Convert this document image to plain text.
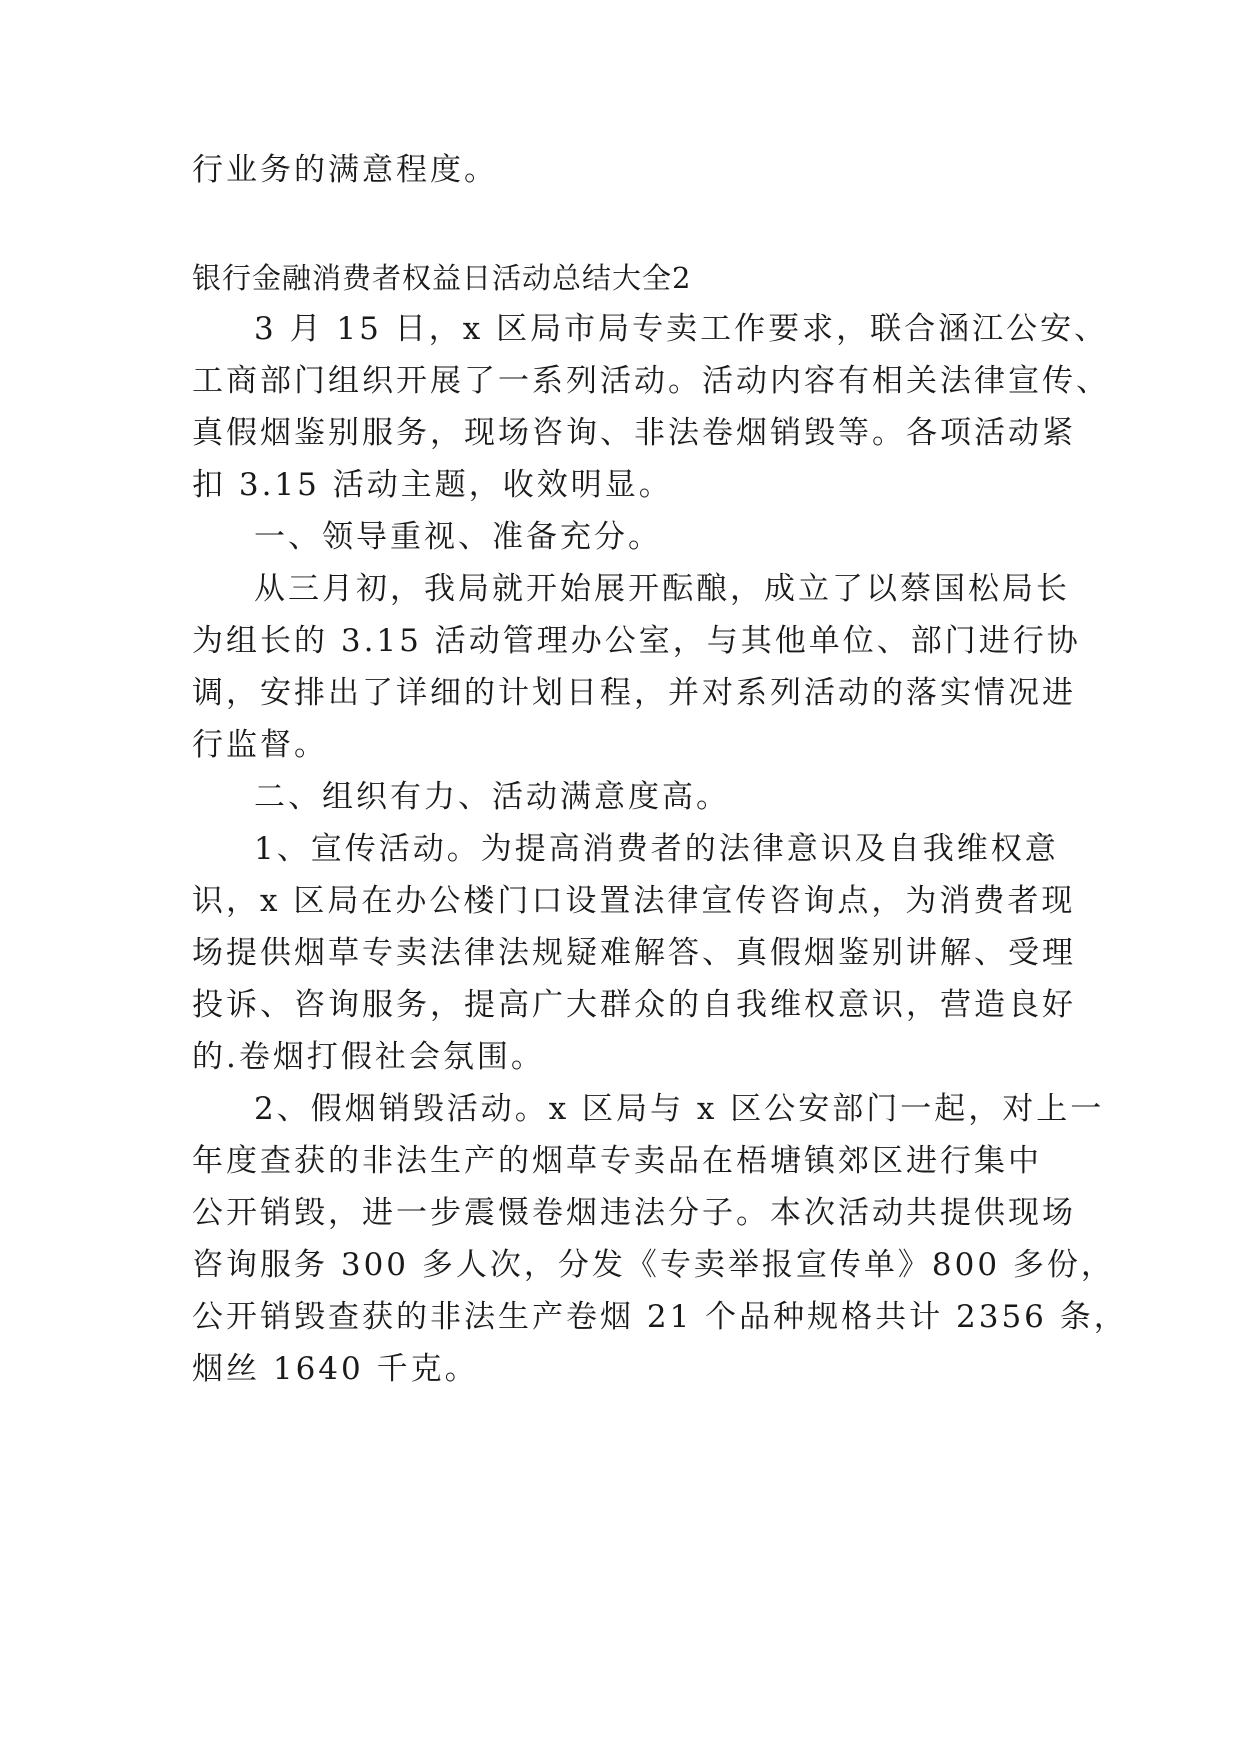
行业务的满意程度。

银行金融消费者权益日活动总结大全2

3 月 15 日，x 区局市局专卖工作要求，联合涵江公安、

工商部门组织开展了一系列活动。活动内容有相关法律宣传、

真假烟鉴别服务，现场咨询、非法卷烟销毁等。各项活动紧

扣 3.15 活动主题，收效明显。

一、领导重视、准备充分。

从三月初，我局就开始展开酝酿，成立了以蔡国松局长

为组长的 3.15 活动管理办公室，与其他单位、部门进行协

调，安排出了详细的计划日程，并对系列活动的落实情况进

行监督。

二、组织有力、活动满意度高。

1、宣传活动。为提高消费者的法律意识及自我维权意

识，x 区局在办公楼门口设置法律宣传咨询点，为消费者现

场提供烟草专卖法律法规疑难解答、真假烟鉴别讲解、受理

投诉、咨询服务，提高广大群众的自我维权意识，营造良好

的.卷烟打假社会氛围。

2、假烟销毁活动。x 区局与 x 区公安部门一起，对上一

年度查获的非法生产的烟草专卖品在梧塘镇郊区进行集中

公开销毁，进一步震慑卷烟违法分子。本次活动共提供现场

咨询服务 300 多人次，分发《专卖举报宣传单》800 多份，

公开销毁查获的非法生产卷烟 21 个品种规格共计 2356 条，

烟丝 1640 千克。
